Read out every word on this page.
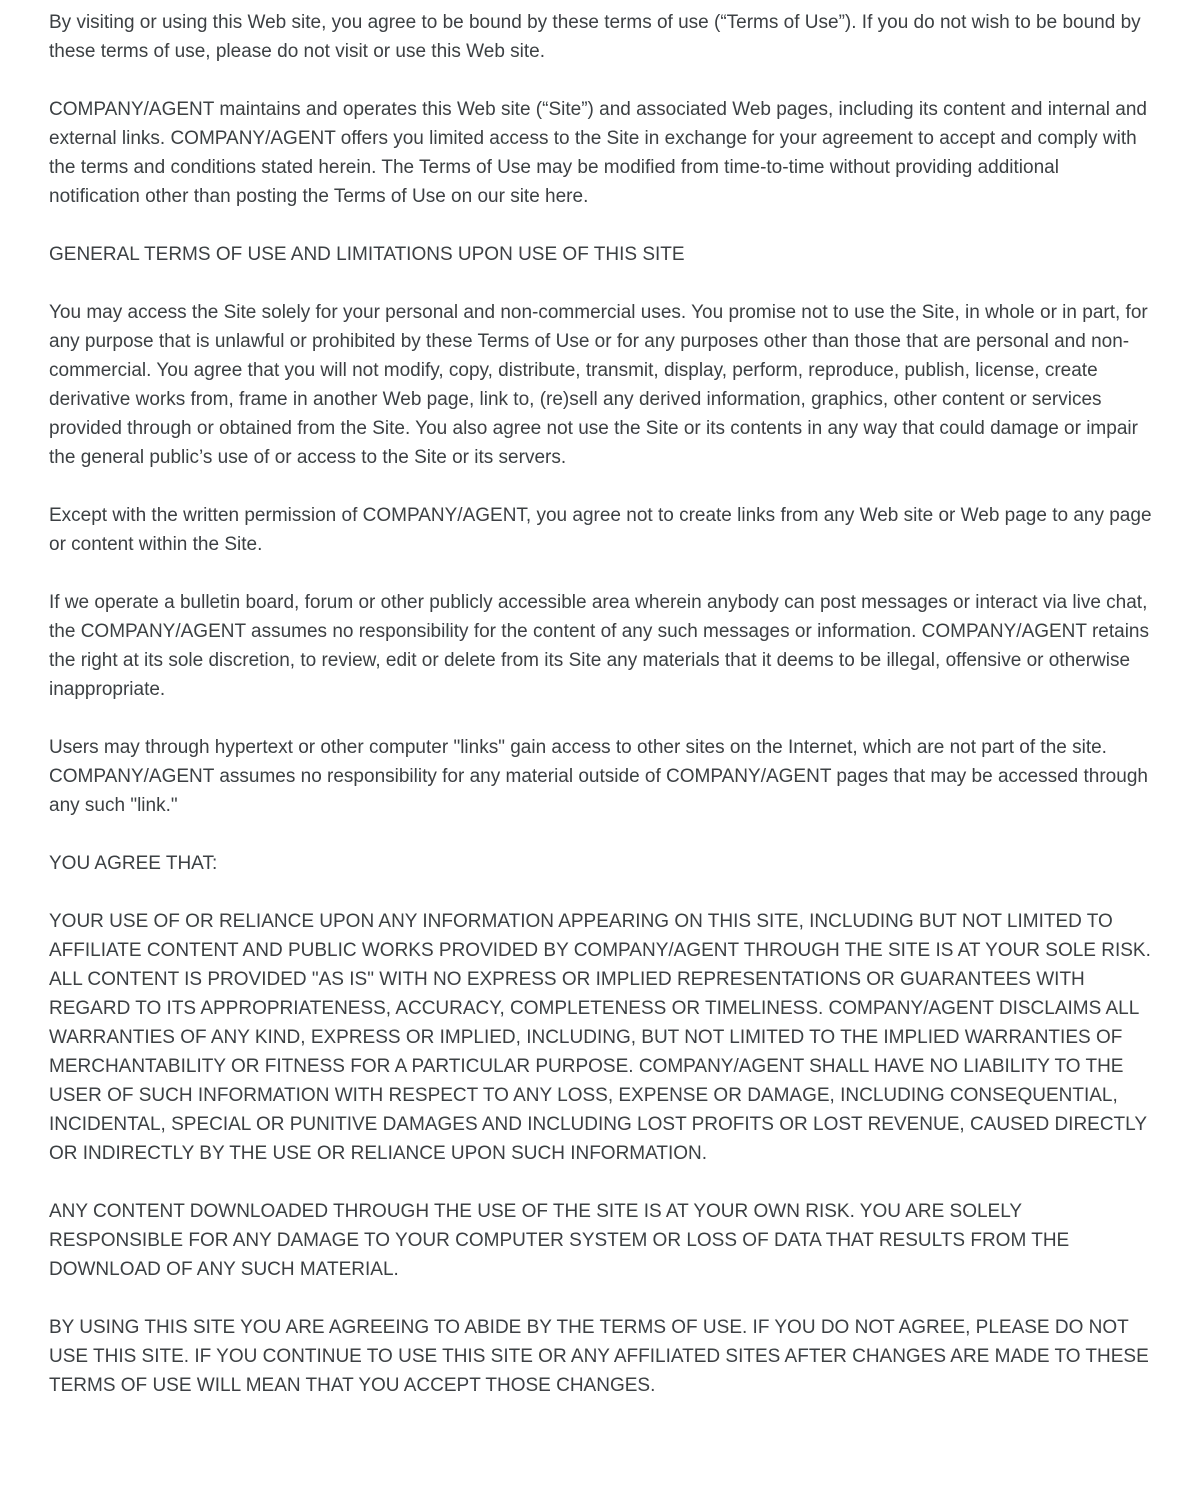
By visiting or using this Web site, you agree to be bound by these terms of use (“Terms of Use”). If you do not wish to be bound by these terms of use, please do not visit or use this Web site.

COMPANY/AGENT maintains and operates this Web site (“Site”) and associated Web pages, including its content and internal and external links. COMPANY/AGENT offers you limited access to the Site in exchange for your agreement to accept and comply with the terms and conditions stated herein. The Terms of Use may be modified from time-to-time without providing additional notification other than posting the Terms of Use on our site here.

GENERAL TERMS OF USE AND LIMITATIONS UPON USE OF THIS SITE

You may access the Site solely for your personal and non-commercial uses. You promise not to use the Site, in whole or in part, for any purpose that is unlawful or prohibited by these Terms of Use or for any purposes other than those that are personal and non-commercial. You agree that you will not modify, copy, distribute, transmit, display, perform, reproduce, publish, license, create derivative works from, frame in another Web page, link to, (re)sell any derived information, graphics, other content or services provided through or obtained from the Site. You also agree not use the Site or its contents in any way that could damage or impair the general public’s use of or access to the Site or its servers.

Except with the written permission of COMPANY/AGENT, you agree not to create links from any Web site or Web page to any page or content within the Site.

If we operate a bulletin board, forum or other publicly accessible area wherein anybody can post messages or interact via live chat, the COMPANY/AGENT assumes no responsibility for the content of any such messages or information. COMPANY/AGENT retains the right at its sole discretion, to review, edit or delete from its Site any materials that it deems to be illegal, offensive or otherwise inappropriate.

Users may through hypertext or other computer "links" gain access to other sites on the Internet, which are not part of the site. COMPANY/AGENT assumes no responsibility for any material outside of COMPANY/AGENT pages that may be accessed through any such "link."

YOU AGREE THAT:

YOUR USE OF OR RELIANCE UPON ANY INFORMATION APPEARING ON THIS SITE, INCLUDING BUT NOT LIMITED TO AFFILIATE CONTENT AND PUBLIC WORKS PROVIDED BY COMPANY/AGENT THROUGH THE SITE IS AT YOUR SOLE RISK. ALL CONTENT IS PROVIDED "AS IS" WITH NO EXPRESS OR IMPLIED REPRESENTATIONS OR GUARANTEES WITH REGARD TO ITS APPROPRIATENESS, ACCURACY, COMPLETENESS OR TIMELINESS. COMPANY/AGENT DISCLAIMS ALL WARRANTIES OF ANY KIND, EXPRESS OR IMPLIED, INCLUDING, BUT NOT LIMITED TO THE IMPLIED WARRANTIES OF MERCHANTABILITY OR FITNESS FOR A PARTICULAR PURPOSE. COMPANY/AGENT SHALL HAVE NO LIABILITY TO THE USER OF SUCH INFORMATION WITH RESPECT TO ANY LOSS, EXPENSE OR DAMAGE, INCLUDING CONSEQUENTIAL, INCIDENTAL, SPECIAL OR PUNITIVE DAMAGES AND INCLUDING LOST PROFITS OR LOST REVENUE, CAUSED DIRECTLY OR INDIRECTLY BY THE USE OR RELIANCE UPON SUCH INFORMATION.

ANY CONTENT DOWNLOADED THROUGH THE USE OF THE SITE IS AT YOUR OWN RISK. YOU ARE SOLELY RESPONSIBLE FOR ANY DAMAGE TO YOUR COMPUTER SYSTEM OR LOSS OF DATA THAT RESULTS FROM THE DOWNLOAD OF ANY SUCH MATERIAL.

BY USING THIS SITE YOU ARE AGREEING TO ABIDE BY THE TERMS OF USE. IF YOU DO NOT AGREE, PLEASE DO NOT USE THIS SITE. IF YOU CONTINUE TO USE THIS SITE OR ANY AFFILIATED SITES AFTER CHANGES ARE MADE TO THESE TERMS OF USE WILL MEAN THAT YOU ACCEPT THOSE CHANGES.
